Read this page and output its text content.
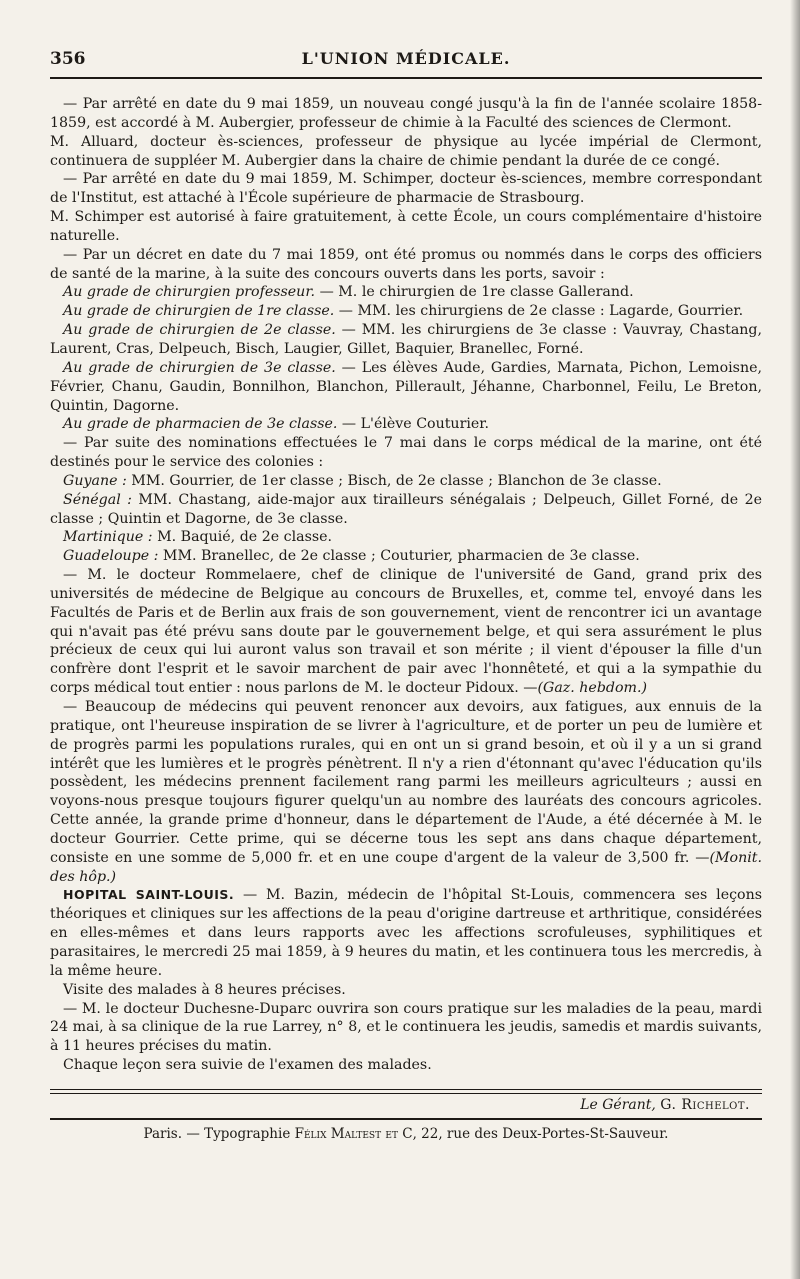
356	L'UNION MÉDICALE.

— Par arrêté en date du 9 mai 1859, un nouveau congé jusqu'à la fin de l'année scolaire 1858-1859, est accordé à M. Aubergier, professeur de chimie à la Faculté des sciences de Clermont.

M. Alluard, docteur ès-sciences, professeur de physique au lycée impérial de Clermont, continuera de suppléer M. Aubergier dans la chaire de chimie pendant la durée de ce congé.

— Par arrêté en date du 9 mai 1859, M. Schimper, docteur ès-sciences, membre correspondant de l'Institut, est attaché à l'École supérieure de pharmacie de Strasbourg.

M. Schimper est autorisé à faire gratuitement, à cette École, un cours complémentaire d'histoire naturelle.

— Par un décret en date du 7 mai 1859, ont été promus ou nommés dans le corps des officiers de santé de la marine, à la suite des concours ouverts dans les ports, savoir :

Au grade de chirurgien professeur. — M. le chirurgien de 1re classe Gallerand.

Au grade de chirurgien de 1re classe. — MM. les chirurgiens de 2e classe : Lagarde, Gourrier.

Au grade de chirurgien de 2e classe. — MM. les chirurgiens de 3e classe : Vauvray, Chastang, Laurent, Cras, Delpeuch, Bisch, Laugier, Gillet, Baquier, Branellec, Forné.

Au grade de chirurgien de 3e classe. — Les élèves Aude, Gardies, Marnata, Pichon, Lemoisne, Février, Chanu, Gaudin, Bonnilhon, Blanchon, Pillerault, Jéhanne, Charbonnel, Feilu, Le Breton, Quintin, Dagorne.

Au grade de pharmacien de 3e classe. — L'élève Couturier.

— Par suite des nominations effectuées le 7 mai dans le corps médical de la marine, ont été destinés pour le service des colonies :

Guyane : MM. Gourrier, de 1er classe ; Bisch, de 2e classe ; Blanchon de 3e classe.

Sénégal : MM. Chastang, aide-major aux tirailleurs sénégalais ; Delpeuch, Gillet Forné, de 2e classe ; Quintin et Dagorne, de 3e classe.

Martinique : M. Baquié, de 2e classe.

Guadeloupe : MM. Branellec, de 2e classe ; Couturier, pharmacien de 3e classe.

— M. le docteur Rommelaere, chef de clinique de l'université de Gand, grand prix des universités de médecine de Belgique au concours de Bruxelles, et, comme tel, envoyé dans les Facultés de Paris et de Berlin aux frais de son gouvernement, vient de rencontrer ici un avantage qui n'avait pas été prévu sans doute par le gouvernement belge, et qui sera assurément le plus précieux de ceux qui lui auront valus son travail et son mérite ; il vient d'épouser la fille d'un confrère dont l'esprit et le savoir marchent de pair avec l'honnêteté, et qui a la sympathie du corps médical tout entier : nous parlons de M. le docteur Pidoux. —(Gaz. hebdom.)

— Beaucoup de médecins qui peuvent renoncer aux devoirs, aux fatigues, aux ennuis de la pratique, ont l'heureuse inspiration de se livrer à l'agriculture, et de porter un peu de lumière et de progrès parmi les populations rurales, qui en ont un si grand besoin, et où il y a un si grand intérêt que les lumières et le progrès pénètrent. Il n'y a rien d'étonnant qu'avec l'éducation qu'ils possèdent, les médecins prennent facilement rang parmi les meilleurs agriculteurs ; aussi en voyons-nous presque toujours figurer quelqu'un au nombre des lauréats des concours agricoles. Cette année, la grande prime d'honneur, dans le département de l'Aude, a été décernée à M. le docteur Gourrier. Cette prime, qui se décerne tous les sept ans dans chaque département, consiste en une somme de 5,000 fr. et en une coupe d'argent de la valeur de 3,500 fr. —(Monit. des hôp.)

HOPITAL SAINT-LOUIS. — M. Bazin, médecin de l'hôpital St-Louis, commencera ses leçons théoriques et cliniques sur les affections de la peau d'origine dartreuse et arthritique, considérées en elles-mêmes et dans leurs rapports avec les affections scrofuleuses, syphilitiques et parasitaires, le mercredi 25 mai 1859, à 9 heures du matin, et les continuera tous les mercredis, à la même heure.

Visite des malades à 8 heures précises.

— M. le docteur Duchesne-Duparc ouvrira son cours pratique sur les maladies de la peau, mardi 24 mai, à sa clinique de la rue Larrey, n° 8, et le continuera les jeudis, samedis et mardis suivants, à 11 heures précises du matin.

Chaque leçon sera suivie de l'examen des malades.

Le Gérant, G. Richelot.
Paris. — Typographie Félix Maltest et C, 22, rue des Deux-Portes-St-Sauveur.
